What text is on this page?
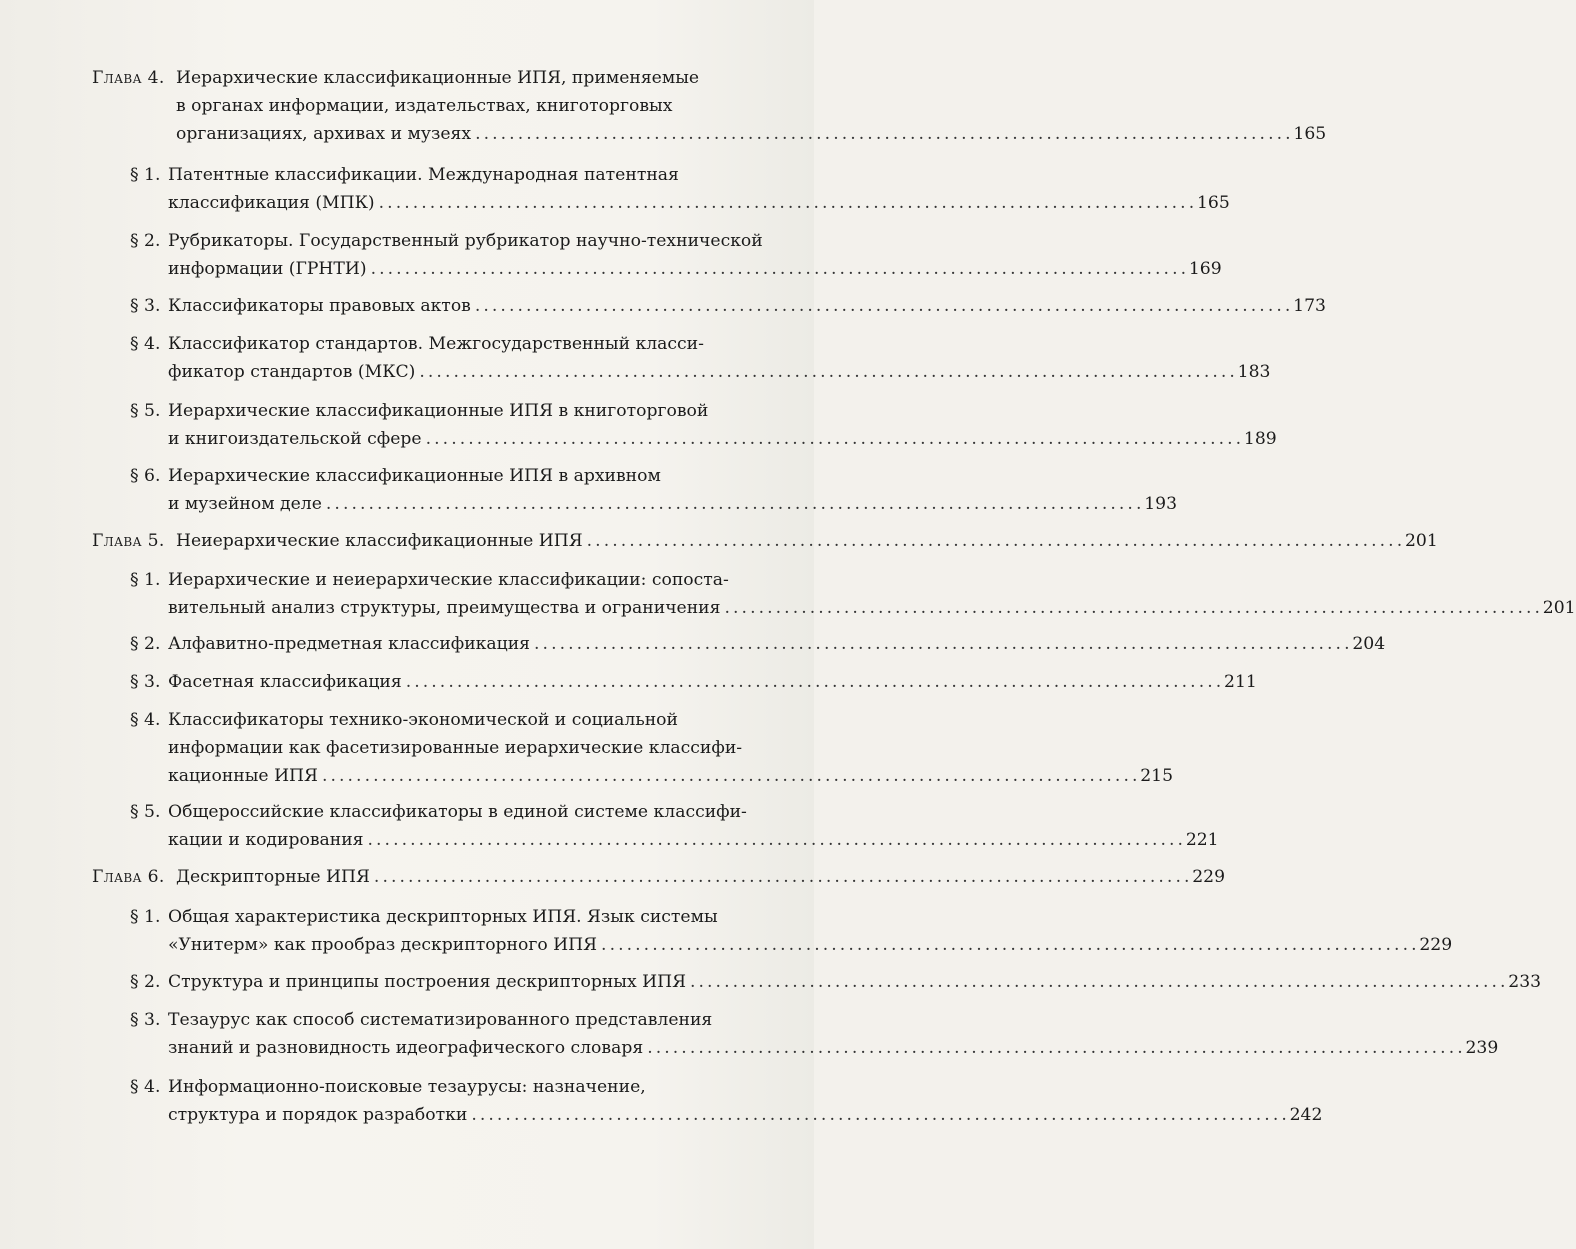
Глава 4. Иерархические классификационные ИПЯ, применяемые
в органах информации, издательствах, книготорговых
организациях, архивах и музеях . . .	165
§ 1. Патентные классификации. Международная патентная
классификация (МПК) . . .	165
§ 2. Рубрикаторы. Государственный рубрикатор научно-технической
информации (ГРНТИ) . . .	169
§ 3. Классификаторы правовых актов . . .	173
§ 4. Классификатор стандартов. Межгосударственный класси-
фикатор стандартов (МКС) . . .	183
§ 5. Иерархические классификационные ИПЯ в книготорговой
и книгоиздательской сфере . . .	189
§ 6. Иерархические классификационные ИПЯ в архивном
и музейном деле . . .	193
Глава 5. Неиерархические классификационные ИПЯ . . .	201
§ 1. Иерархические и неиерархические классификации: сопоста-
вительный анализ структуры, преимущества и ограничения . . .	201
§ 2. Алфавитно-предметная классификация . . .	204
§ 3. Фасетная классификация . . .	211
§ 4. Классификаторы технико-экономической и социальной
информации как фасетизированные иерархические классифи-
кационные ИПЯ . . .	215
§ 5. Общероссийские классификаторы в единой системе классифи-
кации и кодирования . . .	221
Глава 6. Дескрипторные ИПЯ . . .	229
§ 1. Общая характеристика дескрипторных ИПЯ. Язык системы
«Унитерм» как прообраз дескрипторного ИПЯ . . .	229
§ 2. Структура и принципы построения дескрипторных ИПЯ . . .	233
§ 3. Тезаурус как способ систематизированного представления
знаний и разновидность идеографического словаря . . .	239
§ 4. Информационно-поисковые тезаурусы: назначение,
структура и порядок разработки . . .	242
